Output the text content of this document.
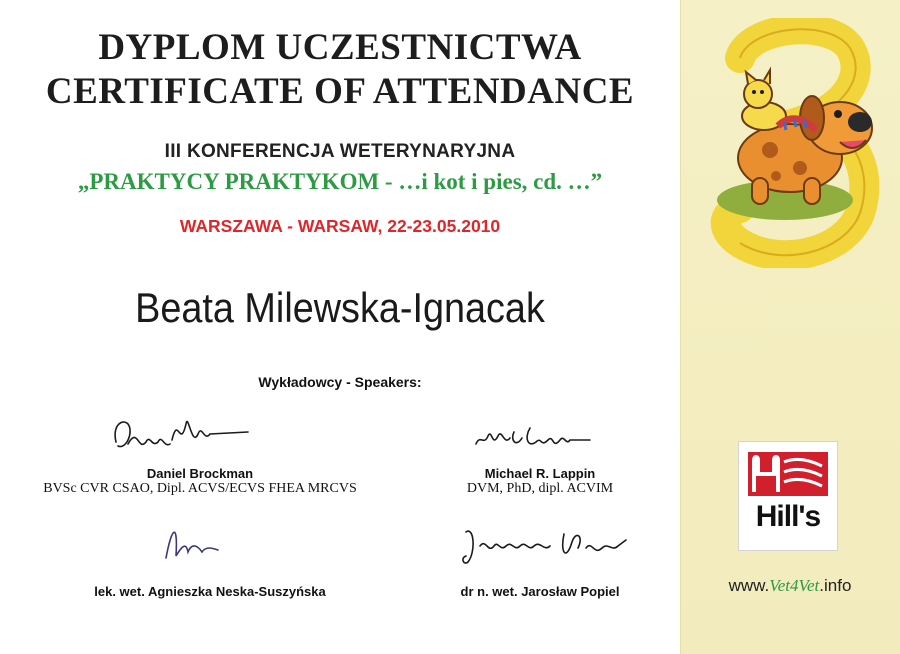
DYPLOM UCZESTNICTWA
CERTIFICATE OF ATTENDANCE
III KONFERENCJA WETERYNARYJNA
„PRAKTYCY PRAKTYKOM - …i kot i pies, cd. …”
WARSZAWA - WARSAW, 22-23.05.2010
Beata Milewska-Ignacak
Wykładowcy - Speakers:
Daniel Brockman
BVSc CVR CSAO, Dipl. ACVS/ECVS FHEA MRCVS
Michael R. Lappin
DVM, PhD, dipl. ACVIM
lek. wet. Agnieszka Neska-Suszyńska	dr n. wet. Jarosław Popiel
Hill's
www.Vet4Vet.info
